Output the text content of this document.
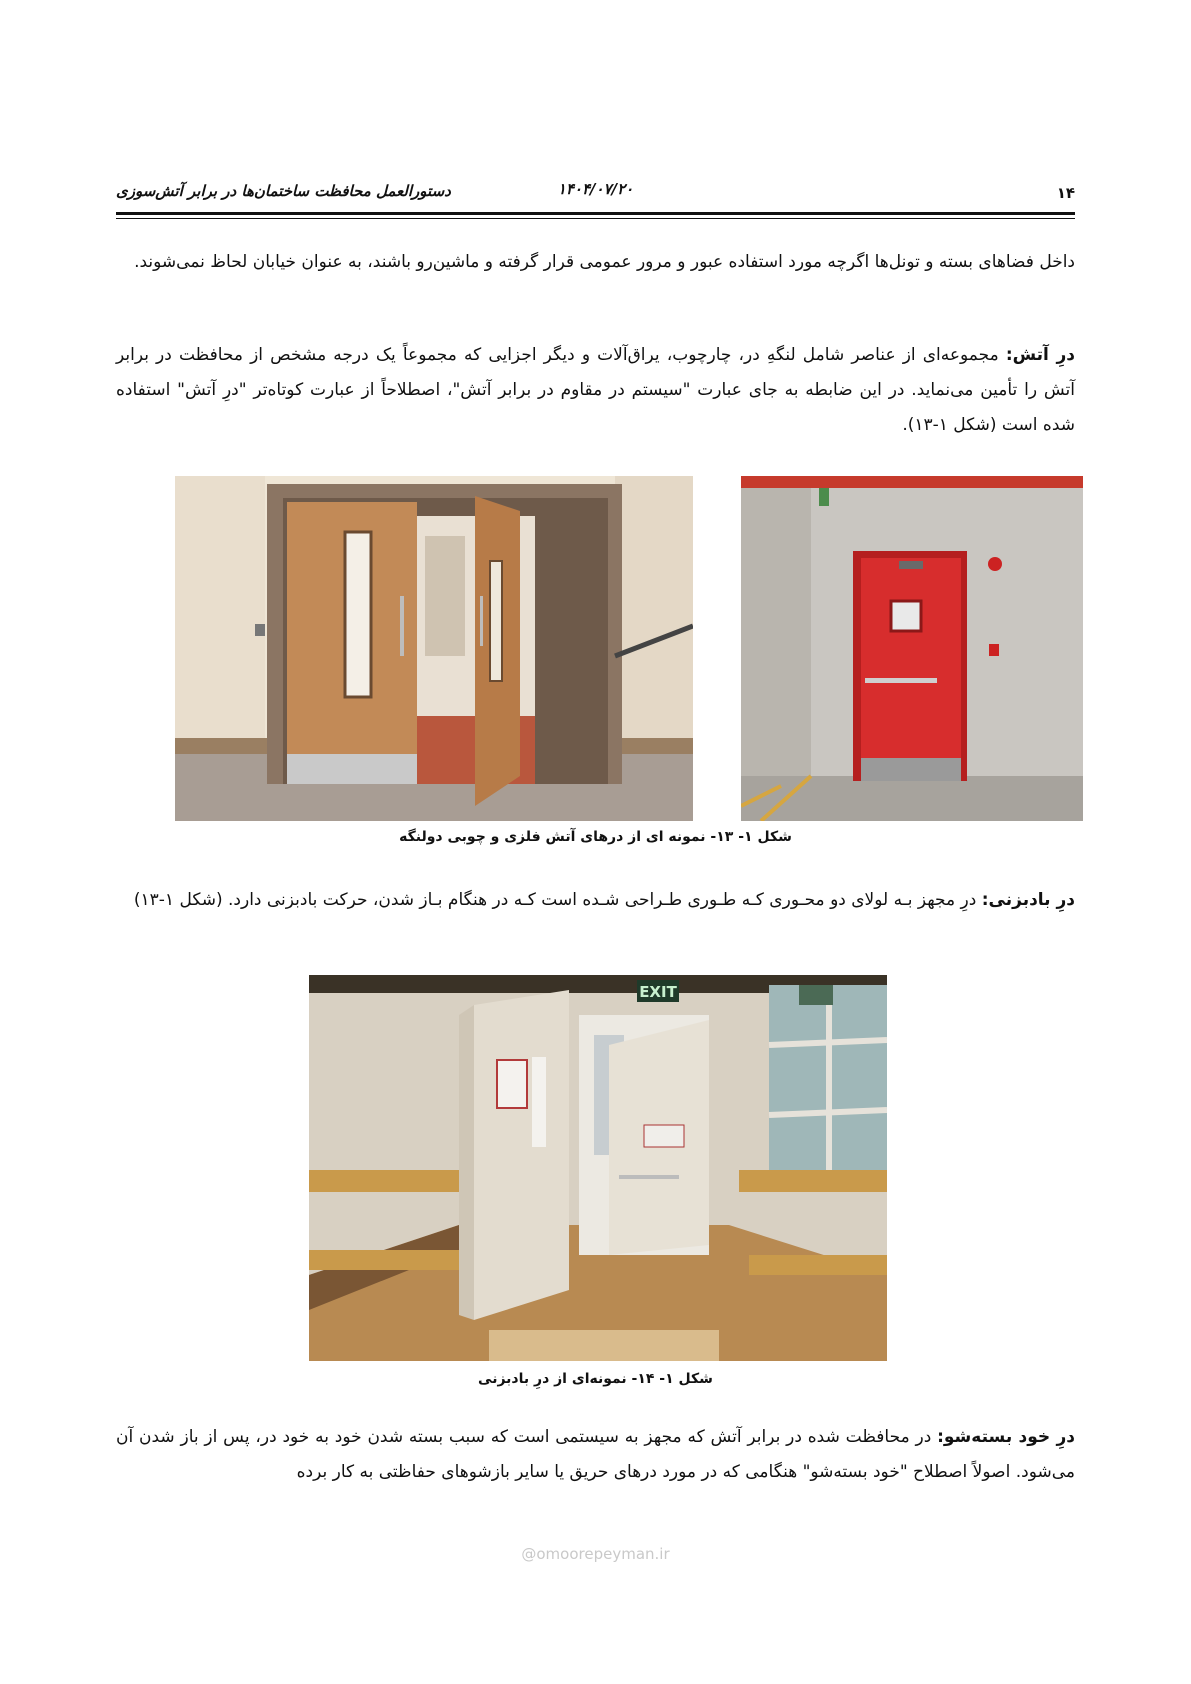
۱۴
۱۴۰۴/۰۷/۲۰
دستورالعمل محافظت ساختمان‌ها در برابر آتش‌سوزی
داخل فضاهای بسته و تونل‌ها اگرچه مورد استفاده عبور و مرور عمومی قرار گرفته و ماشین‌رو باشند، به عنوان خیابان لحاظ نمی‌شوند.
درِ آتش: مجموعه‌ای از عناصر شامل لنگهِ در، چارچوب، یراق‌آلات و دیگر اجزایی که مجموعاً یک درجه مشخص از محافظت در برابر آتش را تأمین می‌نماید. در این ضابطه به جای عبارت "سیستم در مقاوم در برابر آتش"، اصطلاحاً از عبارت کوتاه‌تر "درِ آتش" استفاده شده است (شکل ۱-۱۳).
شکل ۱- ۱۳- نمونه ای از درهای آتش فلزی و چوبی دولنگه
درِ بادبزنی: درِ مجهز بـه لولای دو محـوری کـه طـوری طـراحی شـده است کـه در هنگام بـاز شدن، حرکت بادبزنی دارد. (شکل ۱-۱۳)
EXIT
شکل ۱- ۱۴- نمونه‌ای از درِ بادبزنی
درِ خود بسته‌شو: در محافظت شده در برابر آتش که مجهز به سیستمی است که سبب بسته شدن خود به خود در، پس از باز شدن آن می‌شود. اصولاً اصطلاح "خود بسته‌شو" هنگامی که در مورد درهای حریق یا سایر بازشوهای حفاظتی به کار برده
@omoorepeyman.ir
